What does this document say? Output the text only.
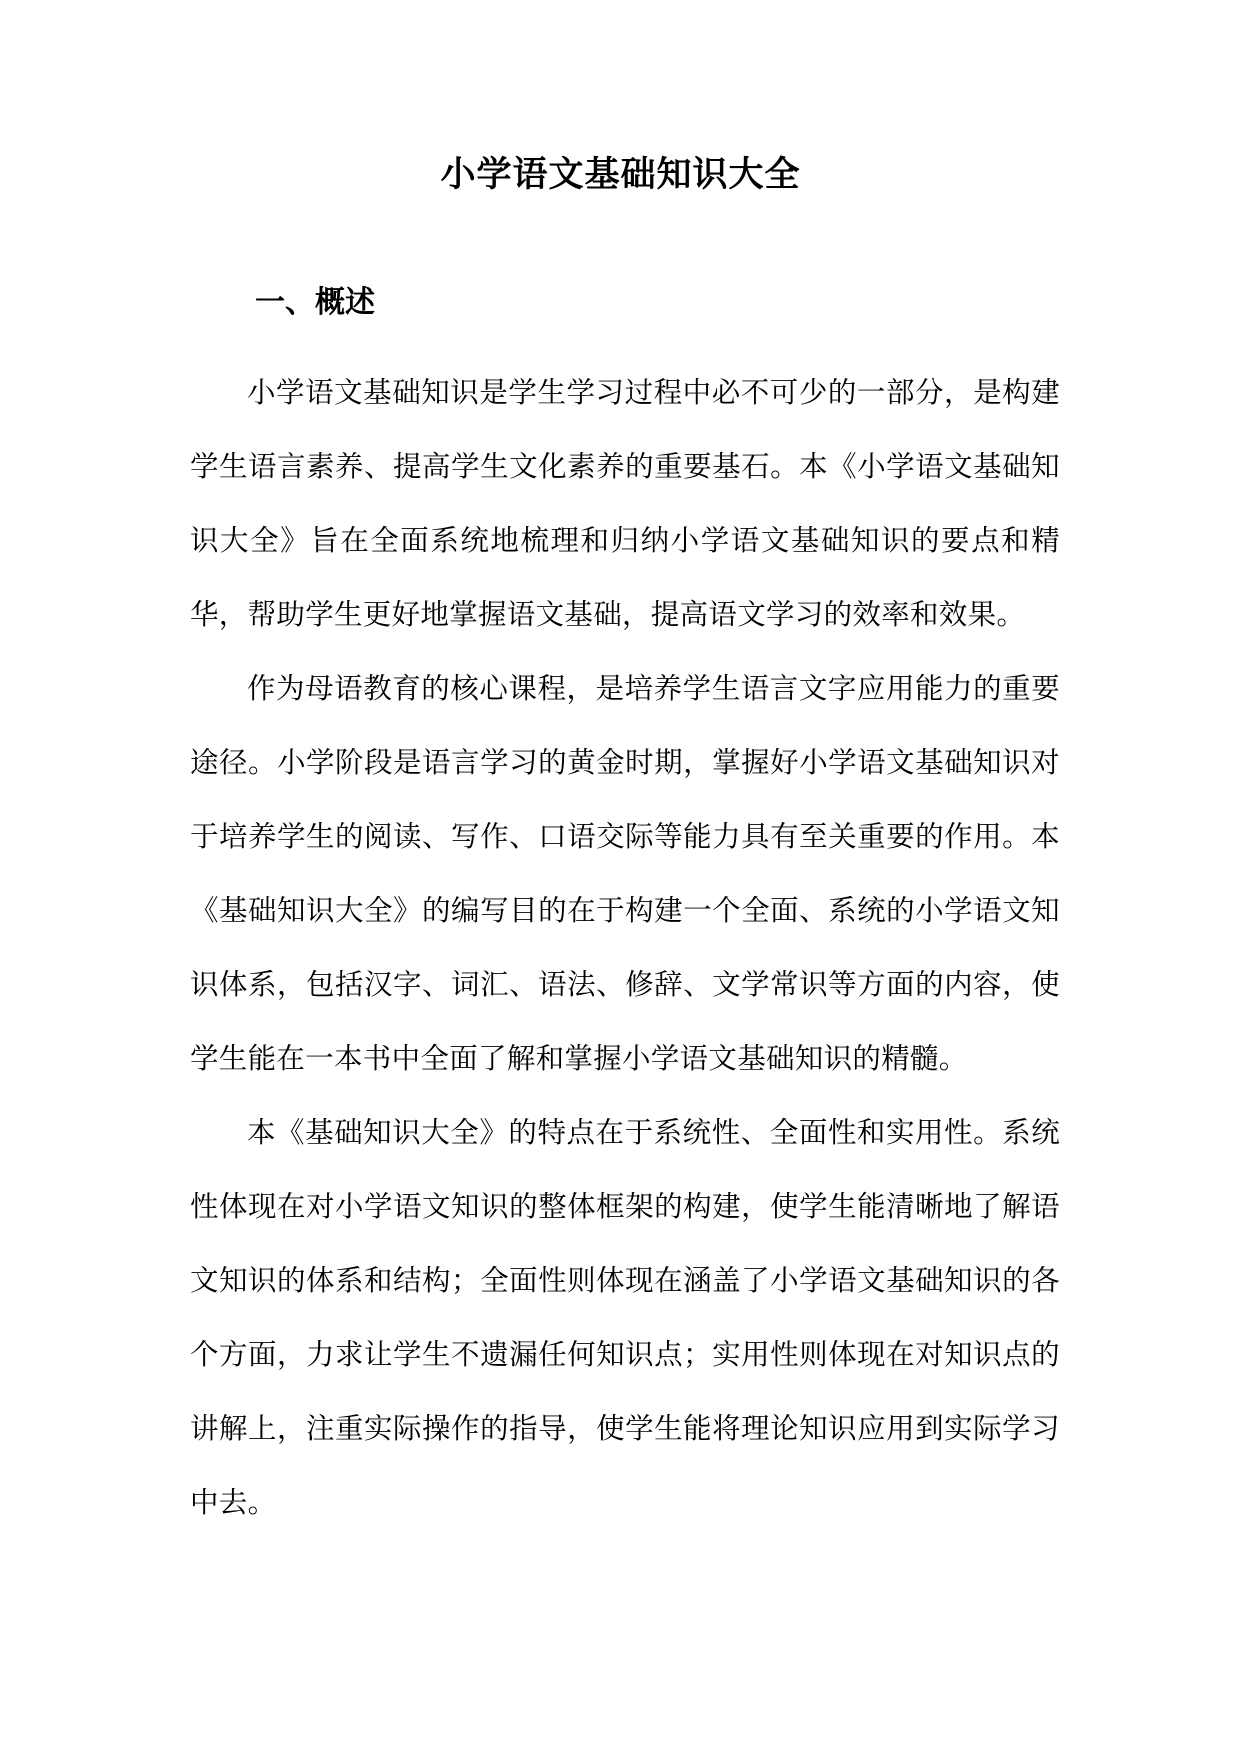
小学语文基础知识大全
一、概述

小学语文基础知识是学生学习过程中必不可少的一部分，是构建学生语言素养、提高学生文化素养的重要基石。本《小学语文基础知识大全》旨在全面系统地梳理和归纳小学语文基础知识的要点和精华，帮助学生更好地掌握语文基础，提高语文学习的效率和效果。

作为母语教育的核心课程，是培养学生语言文字应用能力的重要途径。小学阶段是语言学习的黄金时期，掌握好小学语文基础知识对于培养学生的阅读、写作、口语交际等能力具有至关重要的作用。本《基础知识大全》的编写目的在于构建一个全面、系统的小学语文知识体系，包括汉字、词汇、语法、修辞、文学常识等方面的内容，使学生能在一本书中全面了解和掌握小学语文基础知识的精髓。

本《基础知识大全》的特点在于系统性、全面性和实用性。系统性体现在对小学语文知识的整体框架的构建，使学生能清晰地了解语文知识的体系和结构；全面性则体现在涵盖了小学语文基础知识的各个方面，力求让学生不遗漏任何知识点；实用性则体现在对知识点的讲解上，注重实际操作的指导，使学生能将理论知识应用到实际学习中去。
